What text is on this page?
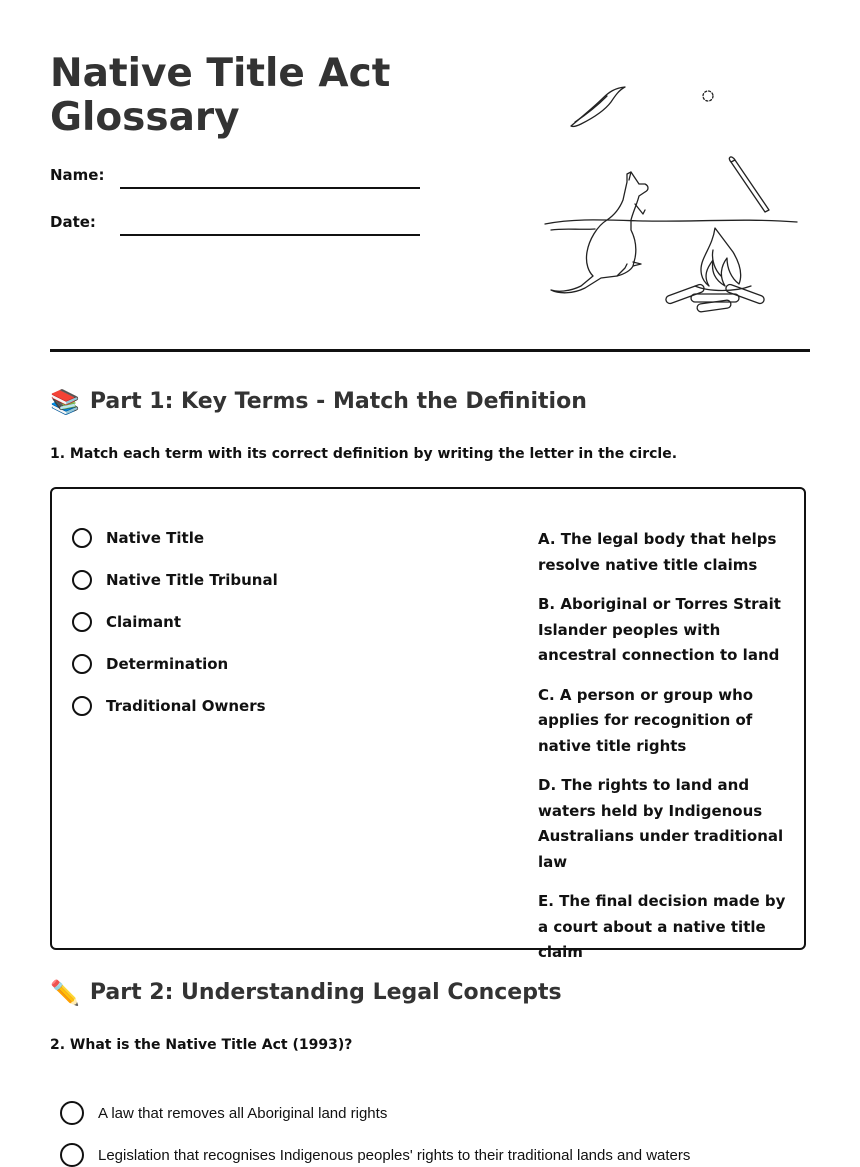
Native Title Act
Glossary
Name:
Date:
📚 Part 1: Key Terms - Match the Definition
1. Match each term with its correct definition by writing the letter in the circle.
Native Title
Native Title Tribunal
Claimant
Determination
Traditional Owners
A. The legal body that helps resolve native title claims
B. Aboriginal or Torres Strait Islander peoples with ancestral connection to land
C. A person or group who applies for recognition of native title rights
D. The rights to land and waters held by Indigenous Australians under traditional law
E. The final decision made by a court about a native title claim
✏️ Part 2: Understanding Legal Concepts
2. What is the Native Title Act (1993)?
A law that removes all Aboriginal land rights
Legislation that recognises Indigenous peoples' rights to their traditional lands and waters
